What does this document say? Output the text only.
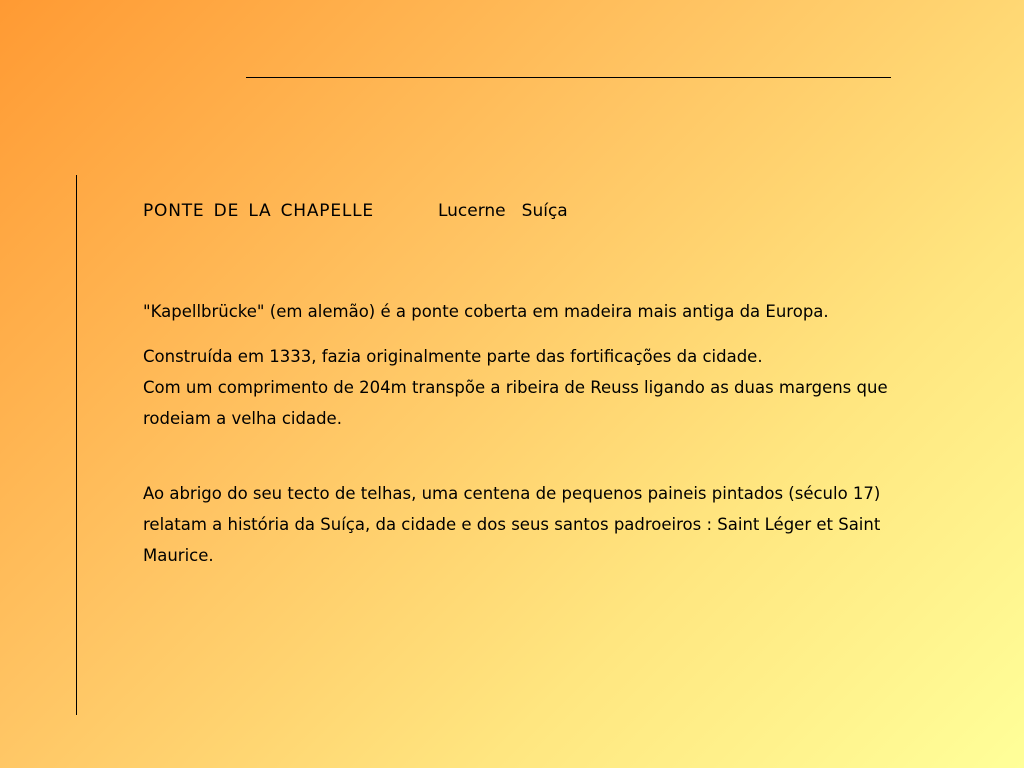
PONTE DE LA CHAPELLE	Lucerne Suíça

"Kapellbrücke" (em alemão) é a ponte coberta em madeira mais antiga da Europa.

Construída em 1333, fazia originalmente parte das fortificações da cidade.

Com um comprimento de 204m transpõe a ribeira de Reuss ligando as duas margens que

rodeiam a velha cidade.

Ao abrigo do seu tecto de telhas, uma centena de pequenos paineis pintados (século 17)

relatam a história da Suíça, da cidade e dos seus santos padroeiros : Saint Léger et Saint

Maurice.
